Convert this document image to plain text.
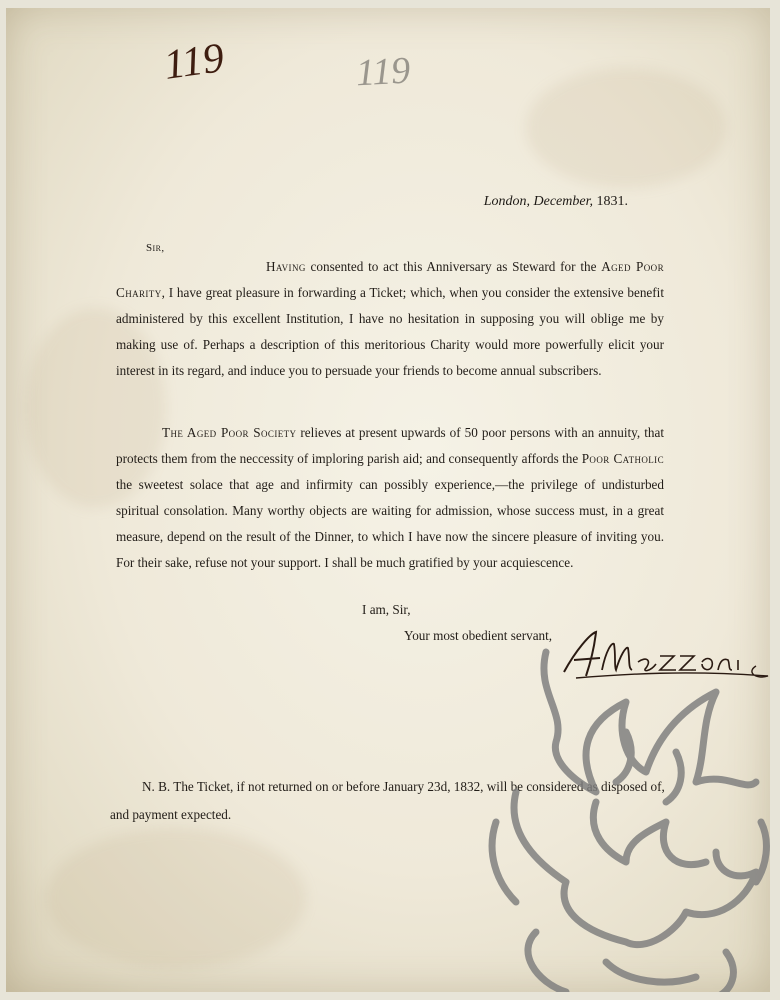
119	119
London, December, 1831.
Sir,

Having consented to act this Anniversary as Steward for the Aged Poor Charity, I have great pleasure in forwarding a Ticket; which, when you consider the extensive benefit administered by this excellent Institution, I have no hesitation in supposing you will oblige me by making use of. Perhaps a description of this meritorious Charity would more powerfully elicit your interest in its regard, and induce you to persuade your friends to become annual subscribers.

The Aged Poor Society relieves at present upwards of 50 poor persons with an annuity, that protects them from the neccessity of imploring parish aid; and consequently affords the Poor Catholic the sweetest solace that age and infirmity can possibly experience,—the privilege of undisturbed spiritual consolation. Many worthy objects are waiting for admission, whose success must, in a great measure, depend on the result of the Dinner, to which I have now the sincere pleasure of inviting you. For their sake, refuse not your support. I shall be much gratified by your acquiescence.

I am, Sir,
Your most obedient servant,

N. B. The Ticket, if not returned on or before January 23d, 1832, will be considered as disposed of, and payment expected.
